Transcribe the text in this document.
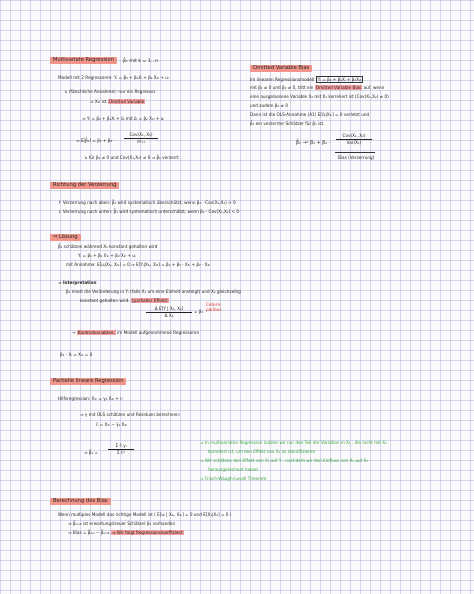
Multivariate Regression	β̂ₖ mit k = 1…n
Modell mit 2 Regressoren: Yᵢ = β₀ + β₁Xᵢ + β₂ X₂ᵢ + uᵢ
↳ (fälschliche Annahme): nur ein Regressor
⇒ X₂ᵢ ist Omitted Variable
⇒ Yᵢ = β₀ + β₁Xᵢ + ũᵢ mit ũᵢ = β₂ X₂ᵢ + uᵢ
⇒ E[β̂₁] = β₁ + β₂ ·
Cov(X₁, X₂)
σ²ₓ₁
↳ für β₂ ≠ 0 und Cov(X₁,X₂) ≠ 0 ⇒ β̂₁ verzerrt
Omitted Variable Bias
Im linearen Regressionsmodell Yᵢ = β₀ + β₁Xᵢ + β₂X₂ᵢ
mit β₁ ≠ 0 und β₂ ≠ 0, tritt ein Omitted Variable Bias auf, wenn
eine ausgelassene Variable X₂ mit X₁ korreliert ist (Cov(X₁,X₂) ≠ 0)
und zudem β₂ ≠ 0
Dann ist die OLS-Annahme (A1) E[ũᵢ|X₁ᵢ] = 0 verletzt und
β̂₁ ein verzerrter Schätzer für β₁ ist.
β̂₁ →ᵖ β₁ + β₂ ·
Cov(X₁, X₂)
Var(X₁)
Bias (Verzerrung)
Richtung der Verzerrung
↑ Verzerrung nach oben: β̂₁ wird systematisch überschätzt, wenn β₂ · Cov(X₁,X₂) > 0
↓ Verzerrung nach unten: β̂₁ wird systematisch unterschätzt, wenn β₂ · Cov(X₁,X₂) < 0
⇒ Lösung
β̂₁ schätzen während X₂ konstant gehalten wird
Yᵢ = β₀ + β₁ X₁ᵢ + β₂ X₂ᵢ + uᵢ
mit Annahme: E[uᵢ|X₁ᵢ, X₂ᵢ] = 0 ⇒ E[Yᵢ|X₁ᵢ, X₂ᵢ] = β₀ + β₁ · X₁ᵢ + β₂ · X₂ᵢ
⇒ Interpretation
β₁ misst die Veränderung in Yᵢ (falls X₁ um eine Einheit ansteigt) und X₂ gleichzeitig
konstant gehalten wird. (partieller Effekt)
Δ E[Y | X₁, X₂]
Δ X₁
= β₁
Ceteris
paribus
→ Kontrollvariablen: im Modell aufgenommene Regressoren
β₁ · Xᵢ = X₂ᵢ = 0
Partielle lineare Regression
Hilfsregression: X₁ᵢ = γ₀ X₂ᵢ + rᵢ
⇒ γ mit OLS schätzen und Residuen berechnen:
r̂ᵢ = X₁ᵢ − γ̂₀ X₂ᵢ
⇒ β̂₁ =
Σ r̂ᵢ yᵢ
Σ r̂ᵢ²
⇒ In multivariaten Regression nutzen wir nur den Teil der Variation in X₁ , die nicht mit X₂
korreliert ist, um den Effekt von X₁ zu identifizieren
⇒ Wir schätzen den Effekt von X₁ auf Y , nachdem wir den Einfluss von X₂ auf X₁
herausgerechnet haben
⇒ Frisch-Waugh-Lovell Theorem
Berechnung des Bias
Wenn multiples Modell das richtige Modell ist ( E[uᵢ | X₁ᵢ, X₂ᵢ] = 0 und E[X₁|X₂] = 0 )
⇒ β̂ₘᵤₗₜ ist erwartungstreuer Schätzer β₁ vorhanden
⇒ Bias = β̂ₑᵢₙ − β̂ₘᵤₗₜ ⇒ Wir folgt Regressionskoeffizient
